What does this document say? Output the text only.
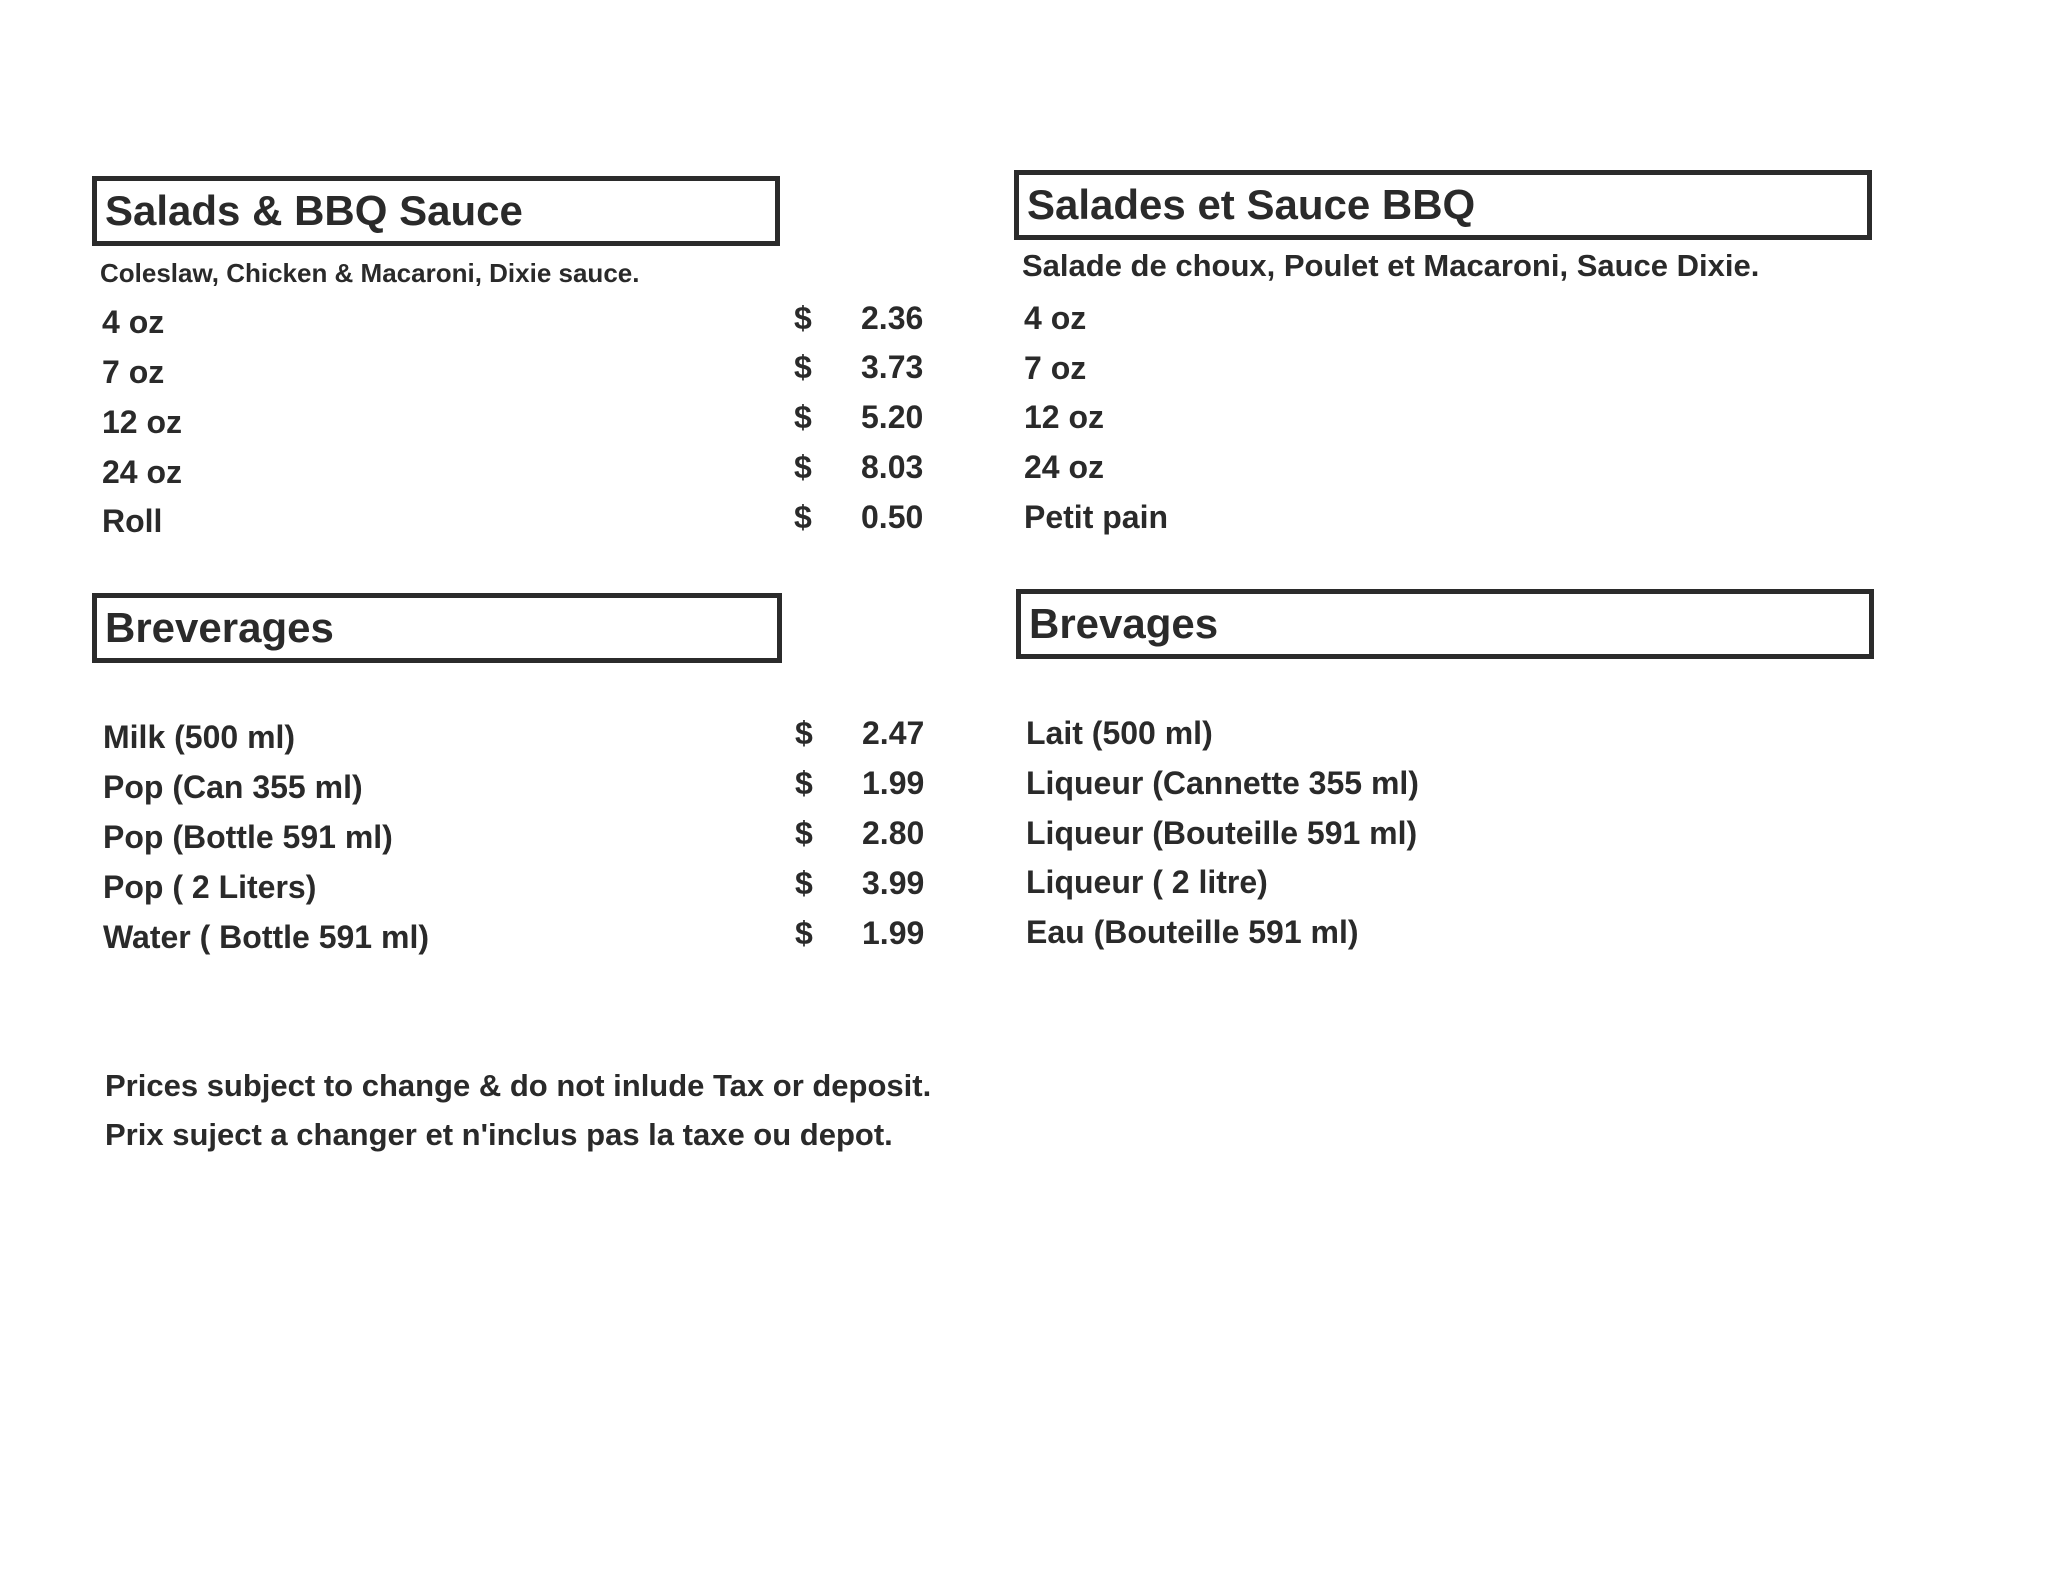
Salads & BBQ Sauce
Coleslaw, Chicken & Macaroni, Dixie sauce.
4 oz	$ 2.36
7 oz	$ 3.73
12 oz	$ 5.20
24 oz	$ 8.03
Roll	$ 0.50
Salades et Sauce BBQ
Salade de choux, Poulet et Macaroni, Sauce Dixie.
4 oz
7 oz
12 oz
24 oz
Petit pain
Breverages
Milk (500 ml)	$ 2.47
Pop (Can 355 ml)	$ 1.99
Pop (Bottle 591 ml)	$ 2.80
Pop ( 2 Liters)	$ 3.99
Water ( Bottle 591 ml)	$ 1.99
Brevages
Lait (500 ml)
Liqueur (Cannette 355 ml)
Liqueur (Bouteille 591 ml)
Liqueur ( 2 litre)
Eau (Bouteille 591 ml)
Prices subject to change & do not inlude Tax or deposit.
Prix suject a changer et n'inclus pas la taxe ou depot.
